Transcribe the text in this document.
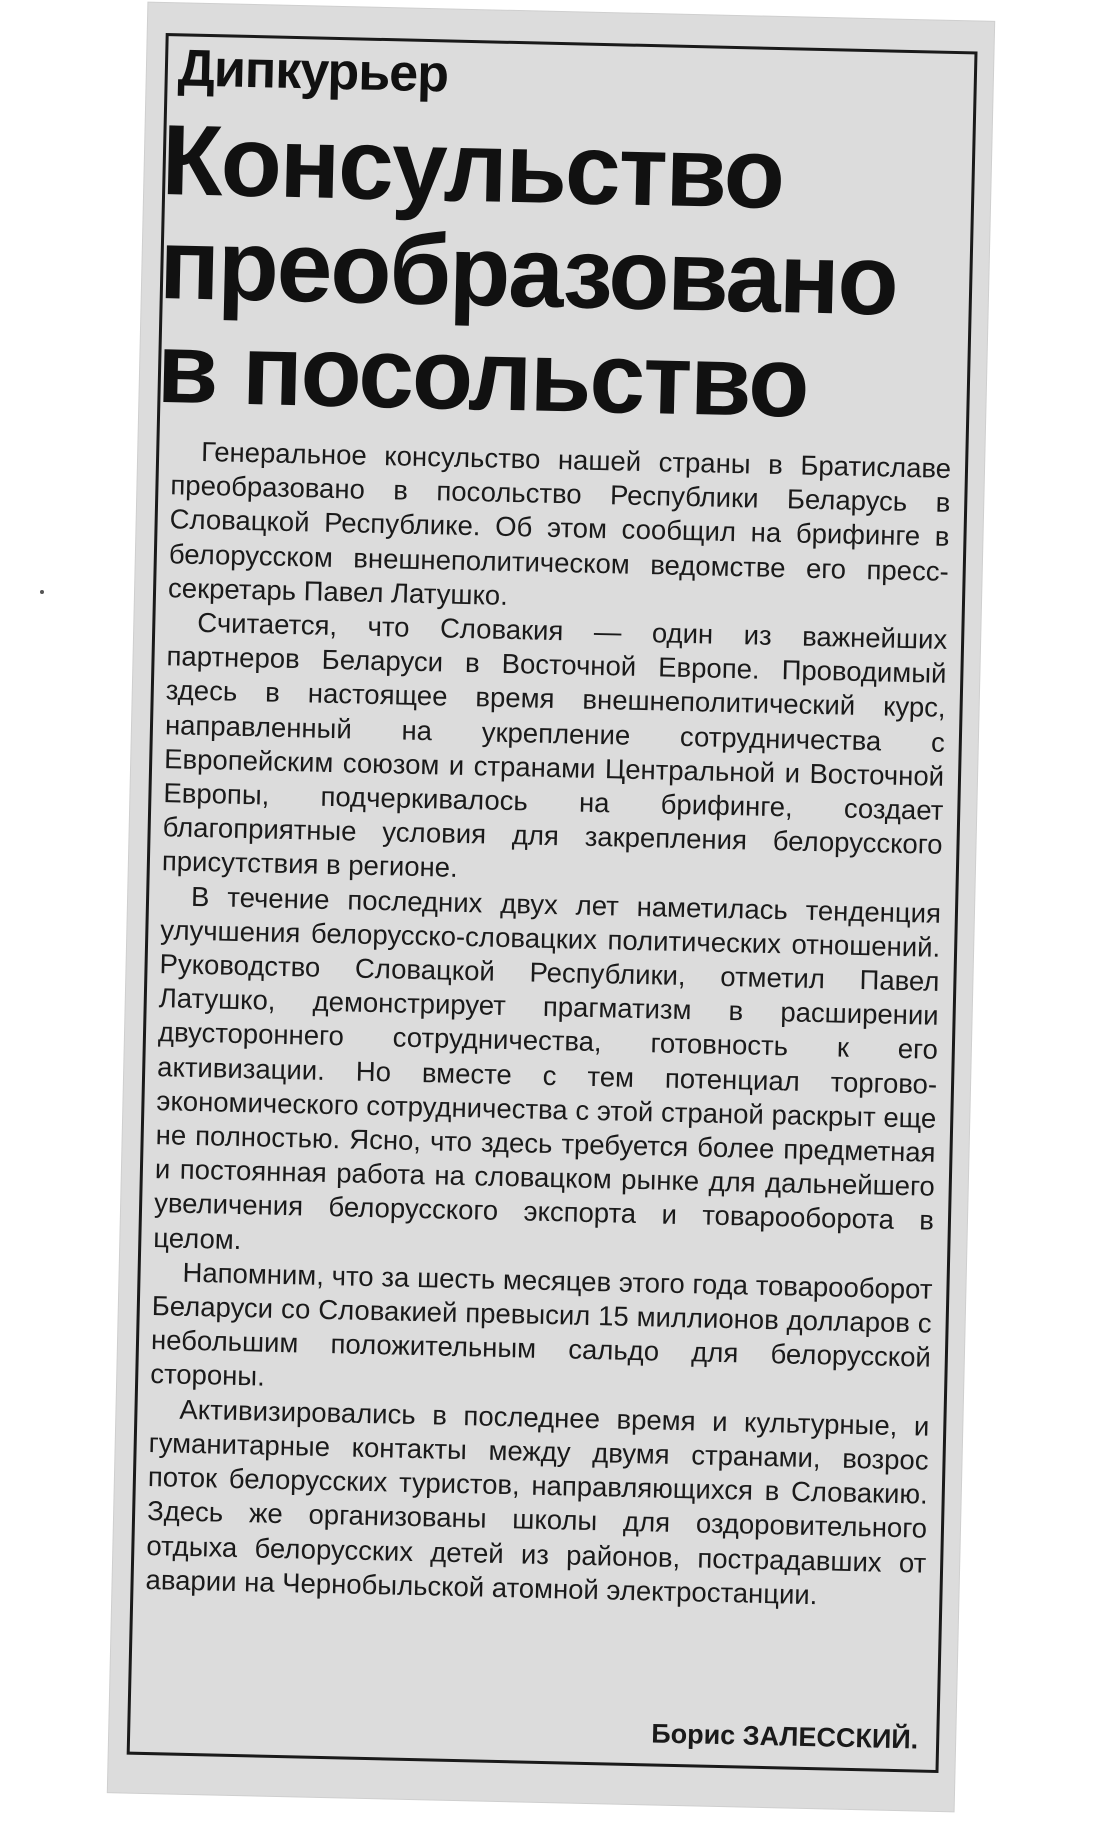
Дипкурьер
Консульство
преобразовано
в посольство

Генеральное консульство нашей страны в Братиславе преобразовано в посольство Республики Беларусь в Словацкой Республике. Об этом сообщил на брифинге в белорусском внешнеполитическом ведомстве его пресс-секретарь Павел Латушко.

Считается, что Словакия — один из важнейших партнеров Беларуси в Восточной Европе. Проводимый здесь в настоящее время внешнеполитический курс, направленный на укрепление сотрудничества с Европейским союзом и странами Центральной и Восточной Европы, подчеркивалось на брифинге, создает благоприятные условия для закрепления белорусского присутствия в регионе.

В течение последних двух лет наметилась тенденция улучшения белорусско-словацких политических отношений. Руководство Словацкой Республики, отметил Павел Латушко, демонстрирует прагматизм в расширении двустороннего сотрудничества, готовность к его активизации. Но вместе с тем потенциал торгово-экономического сотрудничества с этой страной раскрыт еще не полностью. Ясно, что здесь требуется более предметная и постоянная работа на словацком рынке для дальнейшего увеличения белорусского экспорта и товарооборота в целом.

Напомним, что за шесть месяцев этого года товарооборот Беларуси со Словакией превысил 15 миллионов долларов с небольшим положительным сальдо для белорусской стороны.

Активизировались в последнее время и культурные, и гуманитарные контакты между двумя странами, возрос поток белорусских туристов, направляющихся в Словакию. Здесь же организованы школы для оздоровительного отдыха белорусских детей из районов, пострадавших от аварии на Чернобыльской атомной электростанции.

Борис ЗАЛЕССКИЙ.
